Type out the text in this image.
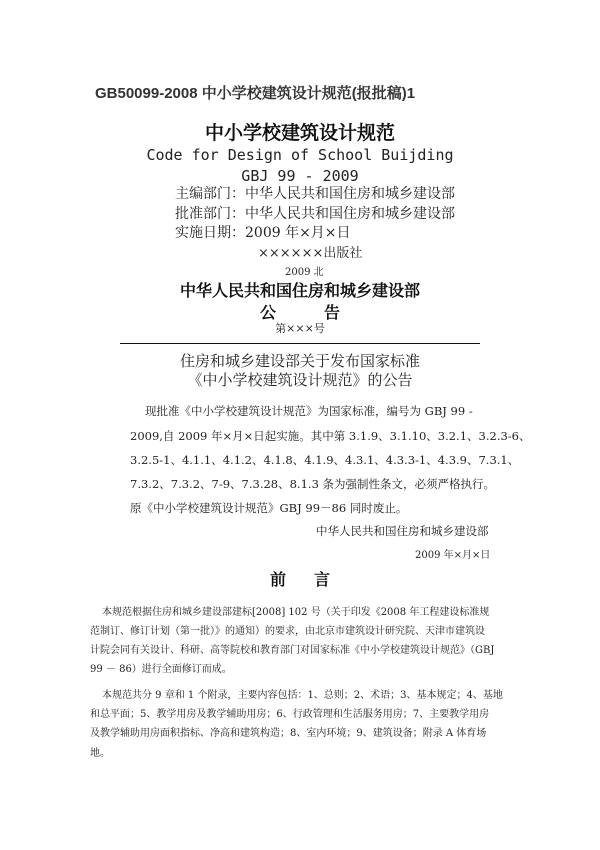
GB50099-2008 中小学校建筑设计规范(报批稿)1
中小学校建筑设计规范
Code for Design of School Buijding
GBJ 99 - 2009
主编部门：中华人民共和国住房和城乡建设部
批准部门：中华人民共和国住房和城乡建设部
实施日期：2009 年×月×日
××××××出版社
2009 北
中华人民共和国住房和城乡建设部
公告
第×××号
住房和城乡建设部关于发布国家标准
《中小学校建筑设计规范》的公告
现批准《中小学校建筑设计规范》为国家标准，编号为 GBJ 99 -
2009,自 2009 年×月×日起实施。其中第 3.1.9、3.1.10、3.2.1、3.2.3-6、
3.2.5-1、4.1.1、4.1.2、4.1.8、4.1.9、4.3.1、4.3.3-1、4.3.9、7.3.1、
7.3.2、7.3.2、7-9、7.3.28、8.1.3 条为强制性条文，必须严格执行。
原《中小学校建筑设计规范》GBJ 99－86 同时废止。
中华人民共和国住房和城乡建设部
2009 年×月×日
前言
本规范根据住房和城乡建设部建标[2008] 102 号（关于印发《2008 年工程建设标准规
范制订、修订计划（第一批）》的通知）的要求，由北京市建筑设计研究院、天津市建筑设
计院会同有关设计、科研、高等院校和教育部门对国家标准《中小学校建筑设计规范》（GBJ
99 － 86）进行全面修订而成。
本规范共分 9 章和 1 个附录，主要内容包括：1、总则；2、术语；3、基本规定；4、基地
和总平面；5、教学用房及教学辅助用房；6、行政管理和生活服务用房；7、主要教学用房
及教学辅助用房面积指标、净高和建筑构造；8、室内环境；9、建筑设备；附录 A 体育场
地。
